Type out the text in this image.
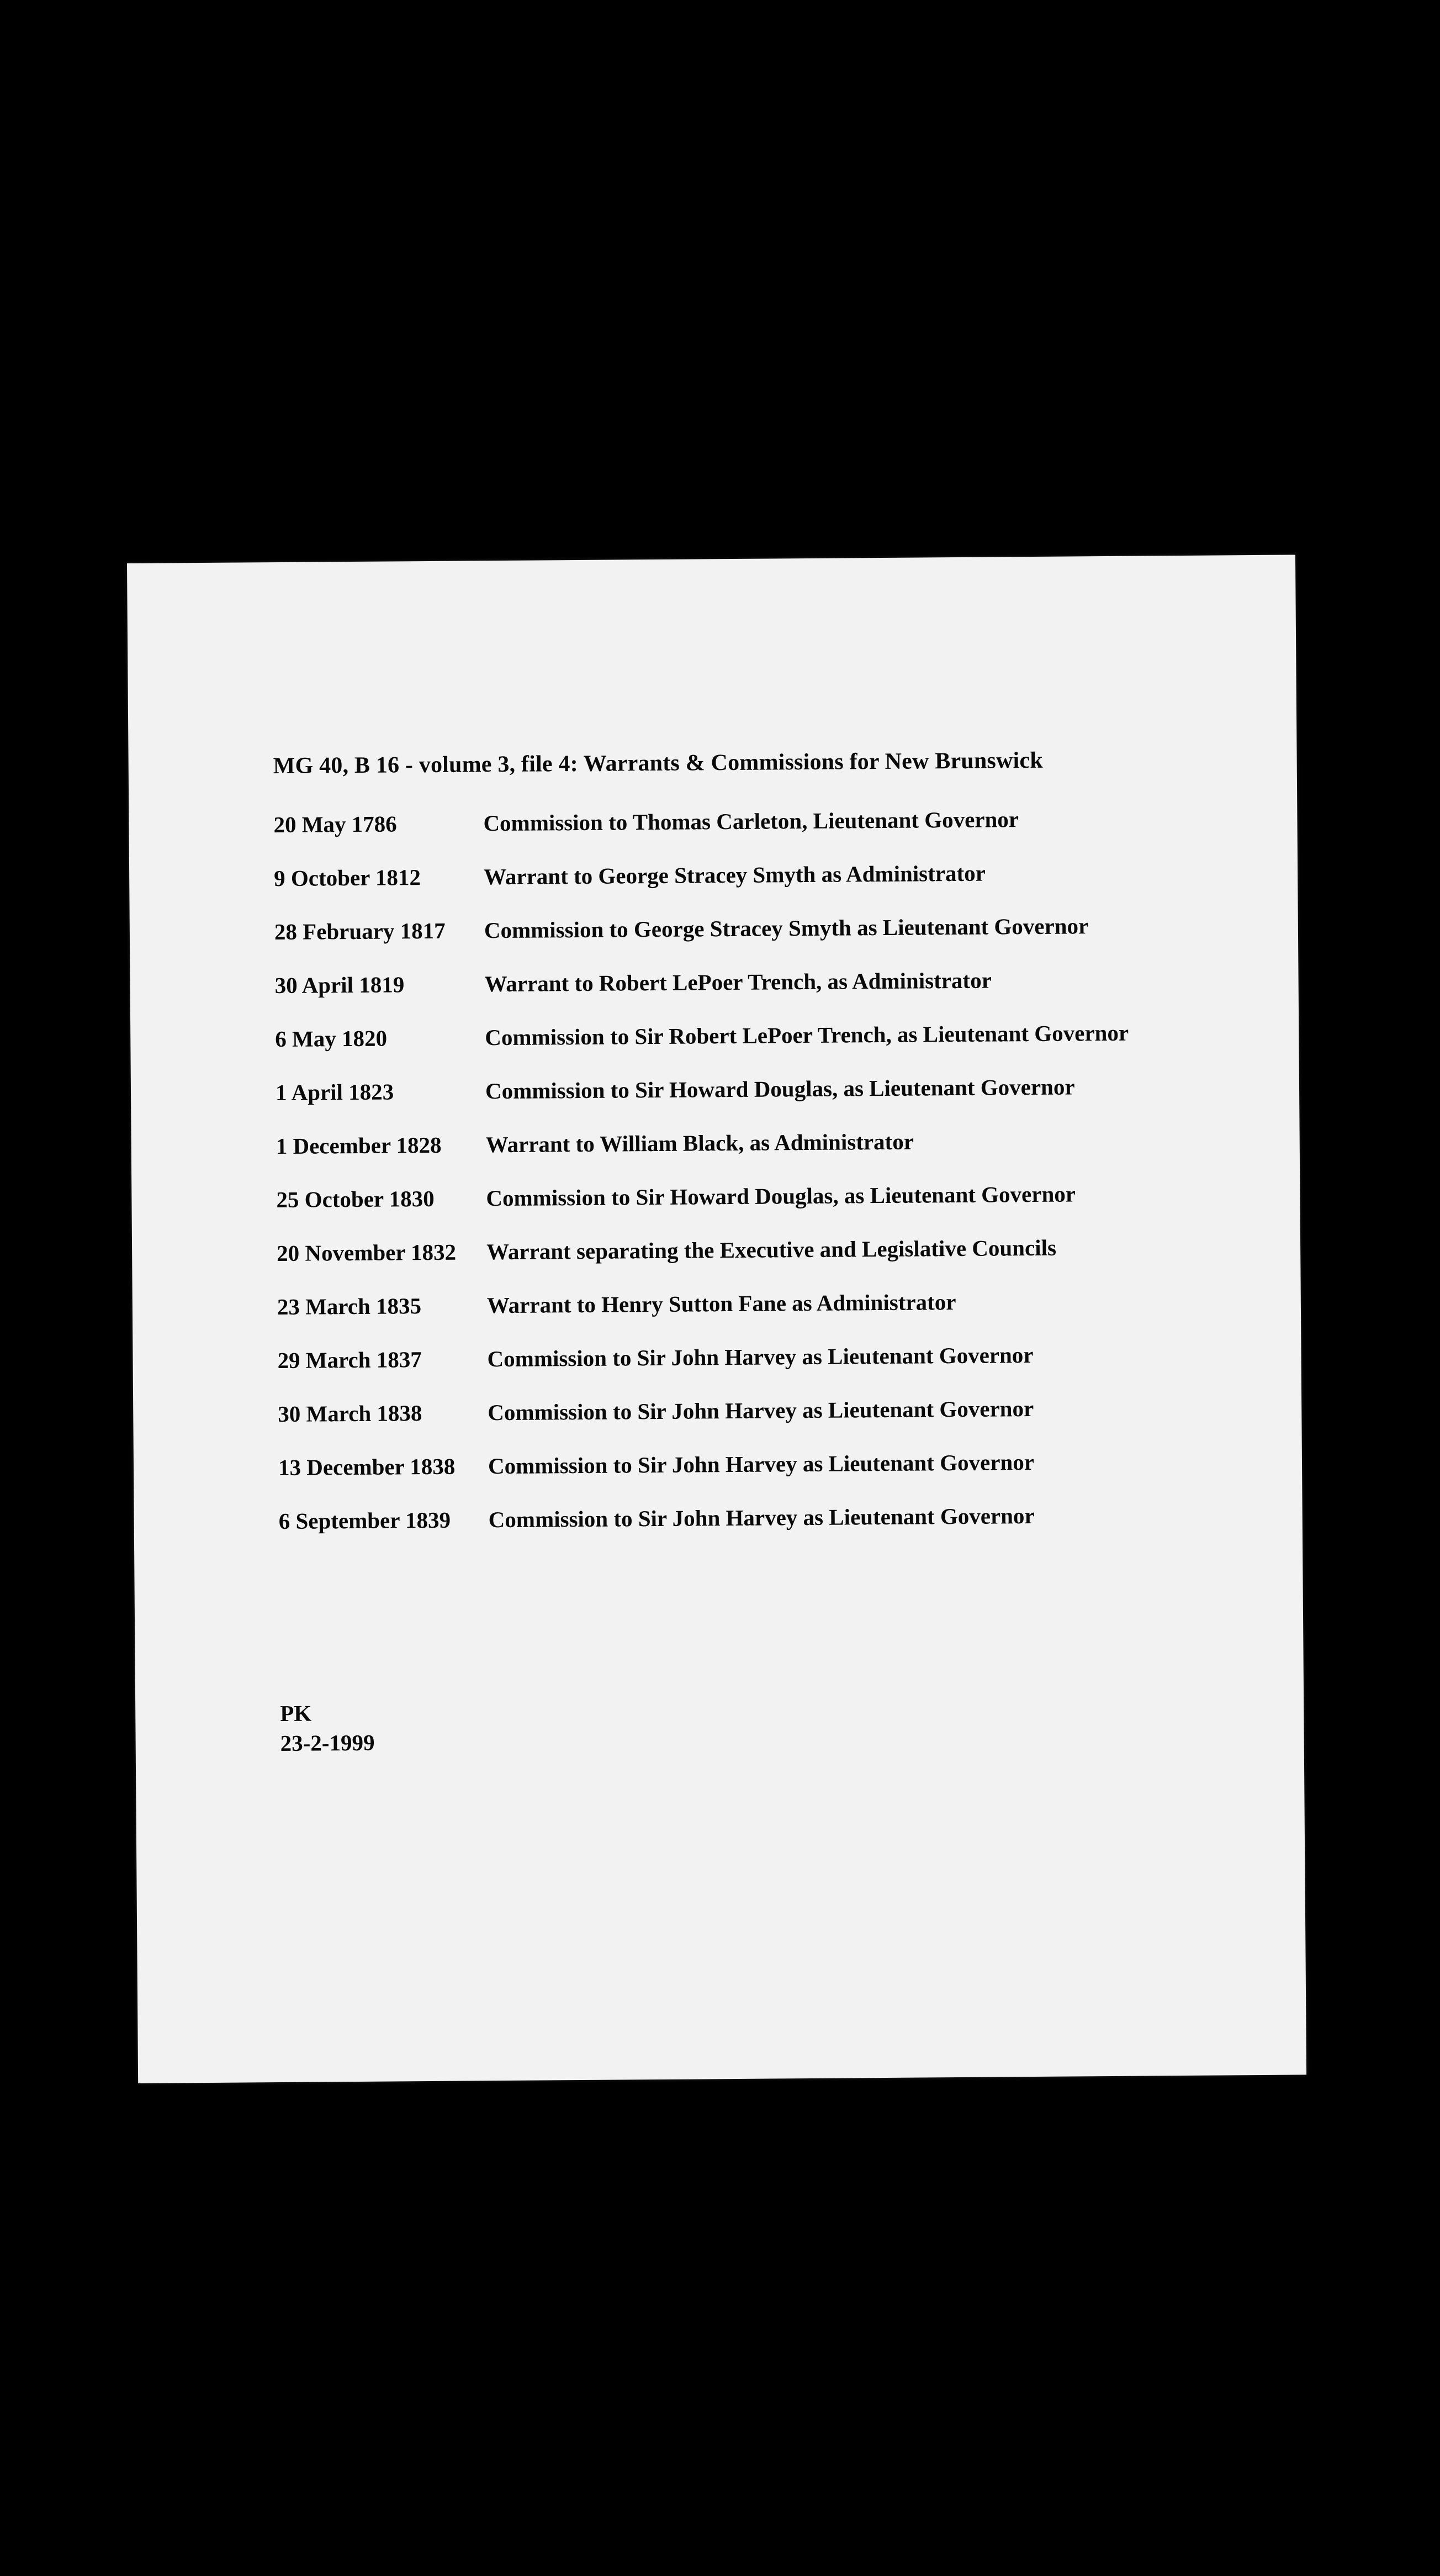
MG 40, B 16 - volume 3, file 4: Warrants & Commissions for New Brunswick
20 May 1786	Commission to Thomas Carleton, Lieutenant Governor
9 October 1812	Warrant to George Stracey Smyth as Administrator
28 February 1817	Commission to George Stracey Smyth as Lieutenant Governor
30 April 1819	Warrant to Robert LePoer Trench, as Administrator
6 May 1820	Commission to Sir Robert LePoer Trench, as Lieutenant Governor
1 April 1823	Commission to Sir Howard Douglas, as Lieutenant Governor
1 December 1828	Warrant to William Black, as Administrator
25 October 1830	Commission to Sir Howard Douglas, as Lieutenant Governor
20 November 1832	Warrant separating the Executive and Legislative Councils
23 March 1835	Warrant to Henry Sutton Fane as Administrator
29 March 1837	Commission to Sir John Harvey as Lieutenant Governor
30 March 1838	Commission to Sir John Harvey as Lieutenant Governor
13 December 1838	Commission to Sir John Harvey as Lieutenant Governor
6 September 1839	Commission to Sir John Harvey as Lieutenant Governor
PK
23-2-1999
